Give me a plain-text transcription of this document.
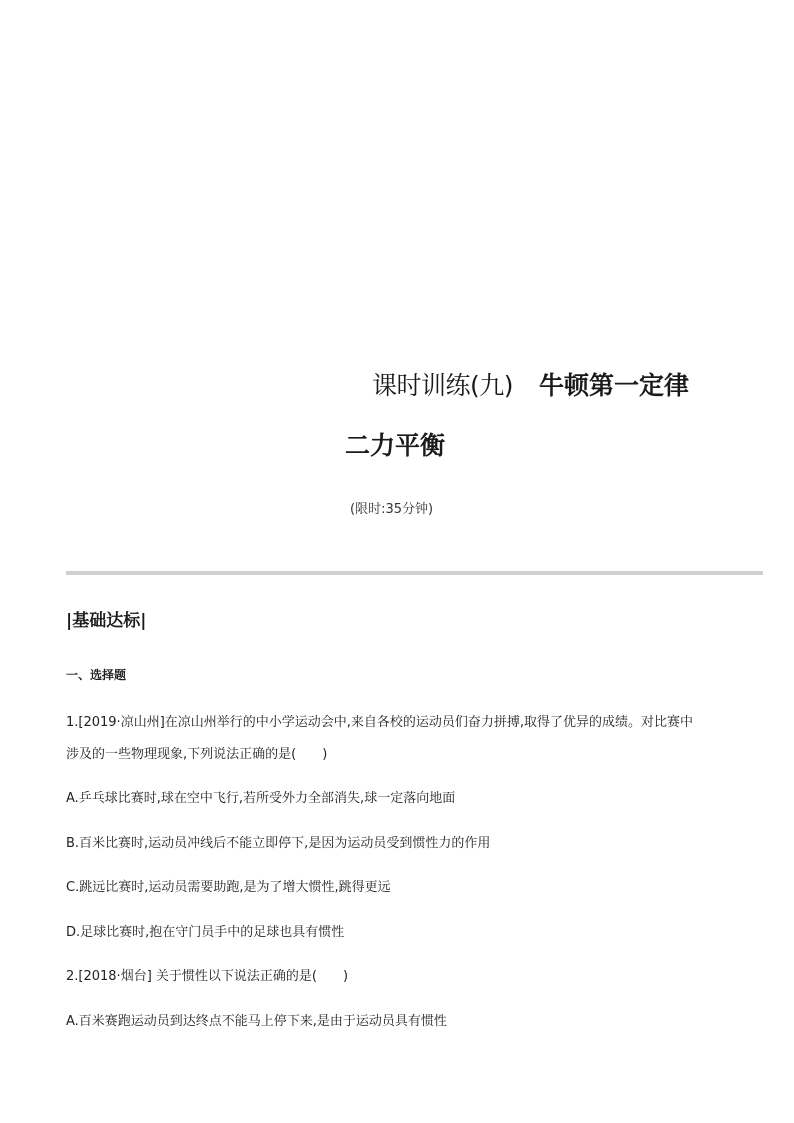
课时训练(九) 牛顿第一定律
二力平衡
(限时:35分钟)
|基础达标|
一、选择题
1.[2019·凉山州]在凉山州举行的中小学运动会中,来自各校的运动员们奋力拼搏,取得了优异的成绩。对比赛中
涉及的一些物理现象,下列说法正确的是(　　)
A.乒乓球比赛时,球在空中飞行,若所受外力全部消失,球一定落向地面
B.百米比赛时,运动员冲线后不能立即停下,是因为运动员受到惯性力的作用
C.跳远比赛时,运动员需要助跑,是为了增大惯性,跳得更远
D.足球比赛时,抱在守门员手中的足球也具有惯性
2.[2018·烟台] 关于惯性以下说法正确的是(　　)
A.百米赛跑运动员到达终点不能马上停下来,是由于运动员具有惯性
